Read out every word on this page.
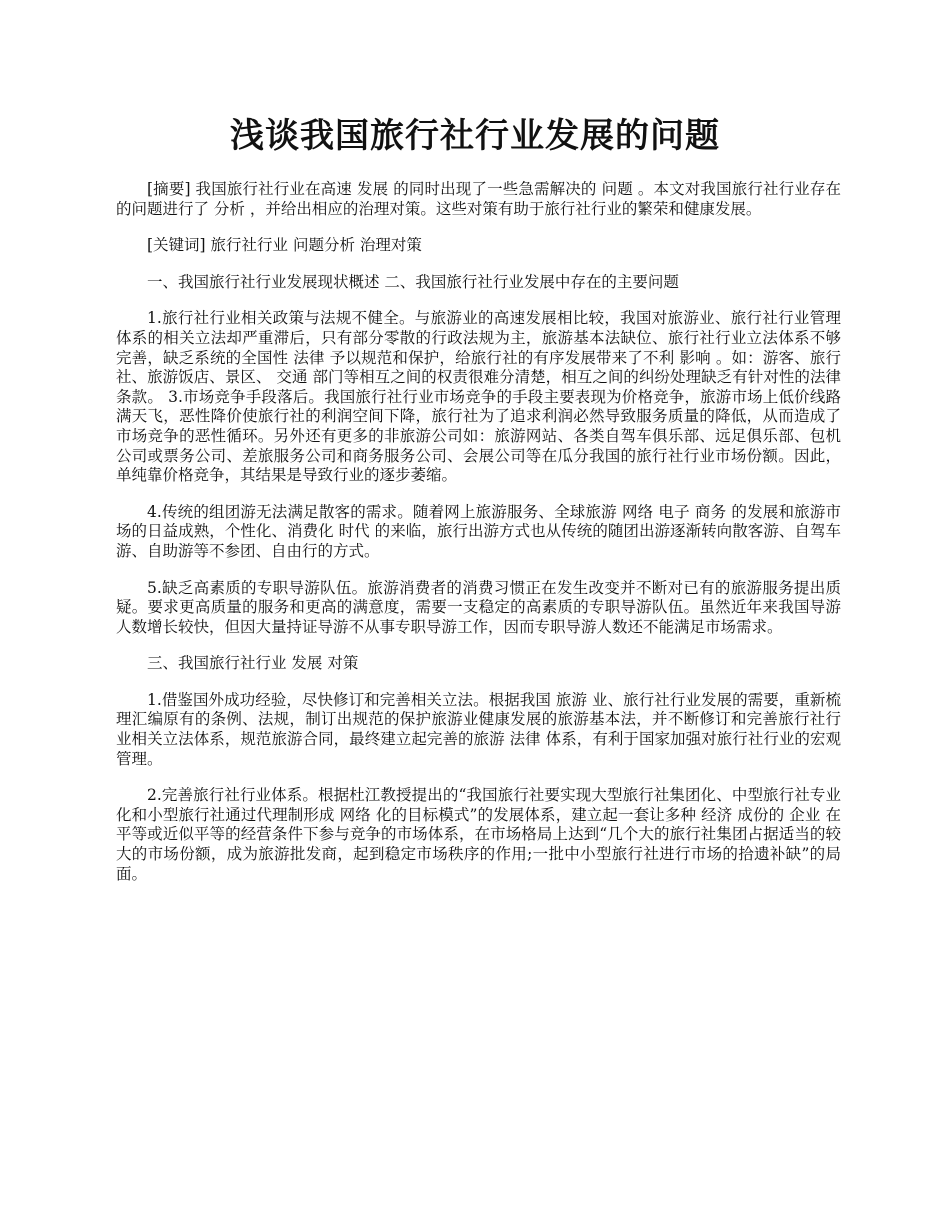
浅谈我国旅行社行业发展的问题

[摘要] 我国旅行社行业在高速 发展 的同时出现了一些急需解决的 问题 。本文对我国旅行社行业存在的问题进行了 分析 ，并给出相应的治理对策。这些对策有助于旅行社行业的繁荣和健康发展。

[关键词] 旅行社行业 问题分析 治理对策

一、我国旅行社行业发展现状概述 二、我国旅行社行业发展中存在的主要问题

1.旅行社行业相关政策与法规不健全。与旅游业的高速发展相比较，我国对旅游业、旅行社行业管理体系的相关立法却严重滞后，只有部分零散的行政法规为主，旅游基本法缺位、旅行社行业立法体系不够完善，缺乏系统的全国性 法律 予以规范和保护，给旅行社的有序发展带来了不利 影响 。如：游客、旅行社、旅游饭店、景区、 交通 部门等相互之间的权责很难分清楚，相互之间的纠纷处理缺乏有针对性的法律条款。 3.市场竞争手段落后。我国旅行社行业市场竞争的手段主要表现为价格竞争，旅游市场上低价线路满天飞，恶性降价使旅行社的利润空间下降，旅行社为了追求利润必然导致服务质量的降低，从而造成了市场竞争的恶性循环。另外还有更多的非旅游公司如：旅游网站、各类自驾车俱乐部、远足俱乐部、包机公司或票务公司、差旅服务公司和商务服务公司、会展公司等在瓜分我国的旅行社行业市场份额。因此，单纯靠价格竞争，其结果是导致行业的逐步萎缩。

4.传统的组团游无法满足散客的需求。随着网上旅游服务、全球旅游 网络 电子 商务 的发展和旅游市场的日益成熟，个性化、消费化 时代 的来临，旅行出游方式也从传统的随团出游逐渐转向散客游、自驾车游、自助游等不参团、自由行的方式。

5.缺乏高素质的专职导游队伍。旅游消费者的消费习惯正在发生改变并不断对已有的旅游服务提出质疑。要求更高质量的服务和更高的满意度，需要一支稳定的高素质的专职导游队伍。虽然近年来我国导游人数增长较快，但因大量持证导游不从事专职导游工作，因而专职导游人数还不能满足市场需求。

三、我国旅行社行业 发展 对策

1.借鉴国外成功经验，尽快修订和完善相关立法。根据我国 旅游 业、旅行社行业发展的需要，重新梳理汇编原有的条例、法规，制订出规范的保护旅游业健康发展的旅游基本法，并不断修订和完善旅行社行业相关立法体系，规范旅游合同，最终建立起完善的旅游 法律 体系，有利于国家加强对旅行社行业的宏观管理。

2.完善旅行社行业体系。根据杜江教授提出的“我国旅行社要实现大型旅行社集团化、中型旅行社专业化和小型旅行社通过代理制形成 网络 化的目标模式”的发展体系，建立起一套让多种 经济 成份的 企业 在平等或近似平等的经营条件下参与竞争的市场体系，在市场格局上达到“几个大的旅行社集团占据适当的较大的市场份额，成为旅游批发商，起到稳定市场秩序的作用;一批中小型旅行社进行市场的拾遗补缺”的局面。
